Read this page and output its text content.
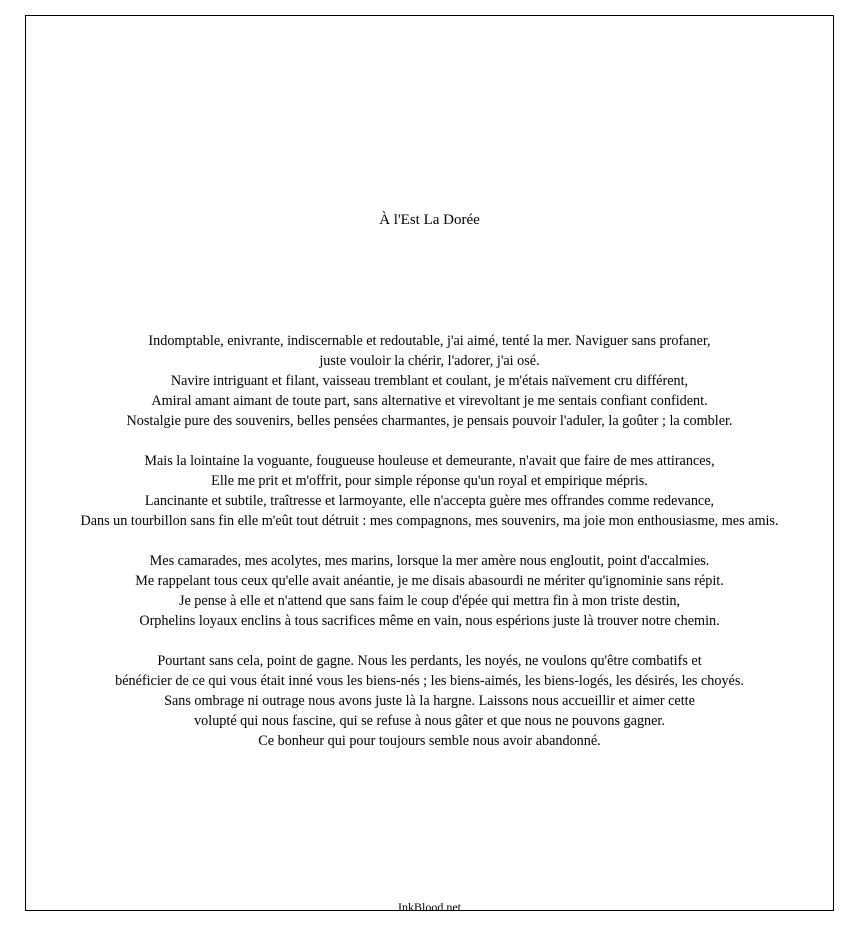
À l'Est La Dorée
Indomptable, enivrante, indiscernable et redoutable, j'ai aimé, tenté la mer. Naviguer sans profaner,
juste vouloir la chérir, l'adorer, j'ai osé.
Navire intriguant et filant, vaisseau tremblant et coulant, je m'étais naïvement cru différent,
Amiral amant aimant de toute part, sans alternative et virevoltant je me sentais confiant confident.
Nostalgie pure des souvenirs, belles pensées charmantes, je pensais pouvoir l'aduler, la goûter ; la combler.
Mais la lointaine la voguante, fougueuse houleuse et demeurante, n'avait que faire de mes attirances,
Elle me prit et m'offrit, pour simple réponse qu'un royal et empirique mépris.
Lancinante et subtile, traîtresse et larmoyante, elle n'accepta guère mes offrandes comme redevance,
Dans un tourbillon sans fin elle m'eût tout détruit : mes compagnons, mes souvenirs, ma joie mon enthousiasme, mes amis.
Mes camarades, mes acolytes, mes marins, lorsque la mer amère nous engloutit, point d'accalmies.
Me rappelant tous ceux qu'elle avait anéantie, je me disais abasourdi ne mériter qu'ignominie sans répit.
Je pense à elle et n'attend que sans faim le coup d'épée qui mettra fin à mon triste destin,
Orphelins loyaux enclins à tous sacrifices même en vain, nous espérions juste là trouver notre chemin.
Pourtant sans cela, point de gagne. Nous les perdants, les noyés, ne voulons qu'être combatifs et
bénéficier de ce qui vous était inné vous les biens-nés ; les biens-aimés, les biens-logés, les désirés, les choyés.
Sans ombrage ni outrage nous avons juste là la hargne. Laissons nous accueillir et aimer cette
volupté qui nous fascine, qui se refuse à nous gâter et que nous ne pouvons gagner.
Ce bonheur qui pour toujours semble nous avoir abandonné.
InkBlood.net
